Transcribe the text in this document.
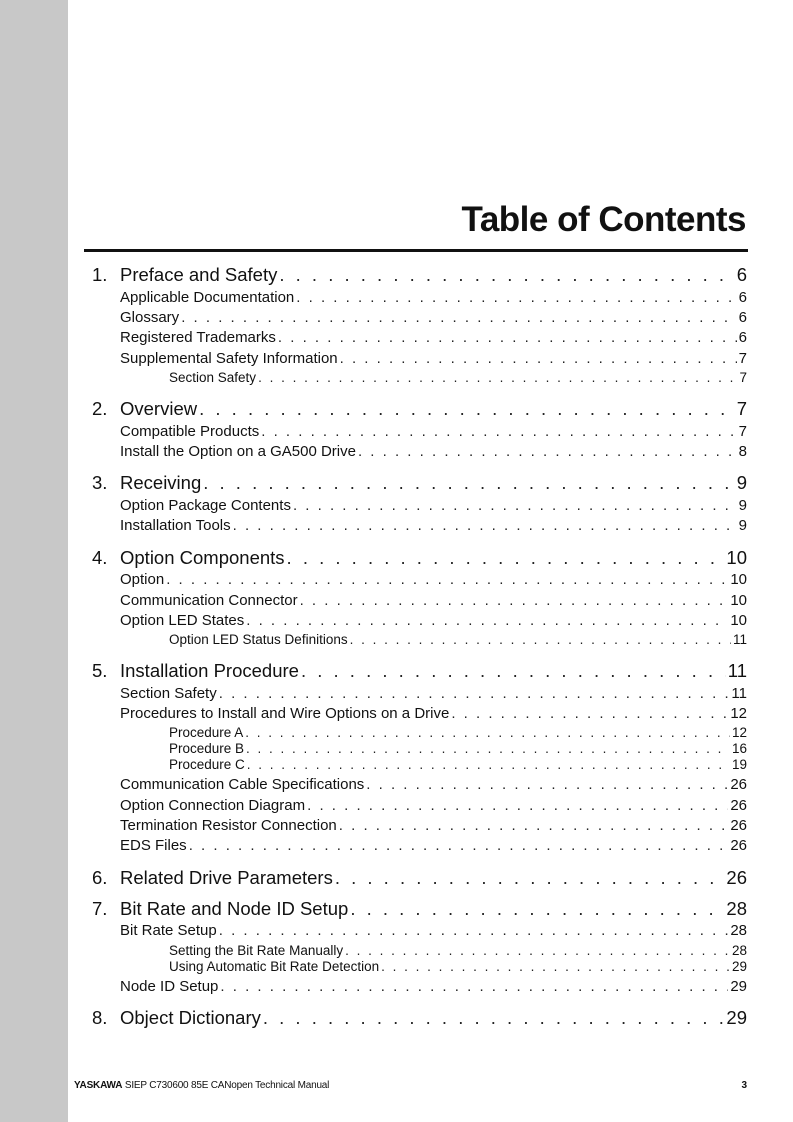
Table of Contents
1. Preface and Safety . . .	6
Applicable Documentation . . .	6
Glossary . . .	6
Registered Trademarks . . .	6
Supplemental Safety Information . . .	7
Section Safety . . .	7
2. Overview . . .	7
Compatible Products . . .	7
Install the Option on a GA500 Drive . . .	8
3. Receiving . . .	9
Option Package Contents . . .	9
Installation Tools . . .	9
4. Option Components . . .	10
Option . . .	10
Communication Connector . . .	10
Option LED States . . .	10
Option LED Status Definitions . . .	11
5. Installation Procedure . . .	11
Section Safety . . .	11
Procedures to Install and Wire Options on a Drive . . .	12
Procedure A . . .	12
Procedure B . . .	16
Procedure C . . .	19
Communication Cable Specifications . . .	26
Option Connection Diagram . . .	26
Termination Resistor Connection . . .	26
EDS Files . . .	26
6. Related Drive Parameters . . .	26
7. Bit Rate and Node ID Setup . . .	28
Bit Rate Setup . . .	28
Setting the Bit Rate Manually . . .	28
Using Automatic Bit Rate Detection . . .	29
Node ID Setup . . .	29
8. Object Dictionary . . .	29
YASKAWA SIEP C730600 85E CANopen Technical Manual	3
